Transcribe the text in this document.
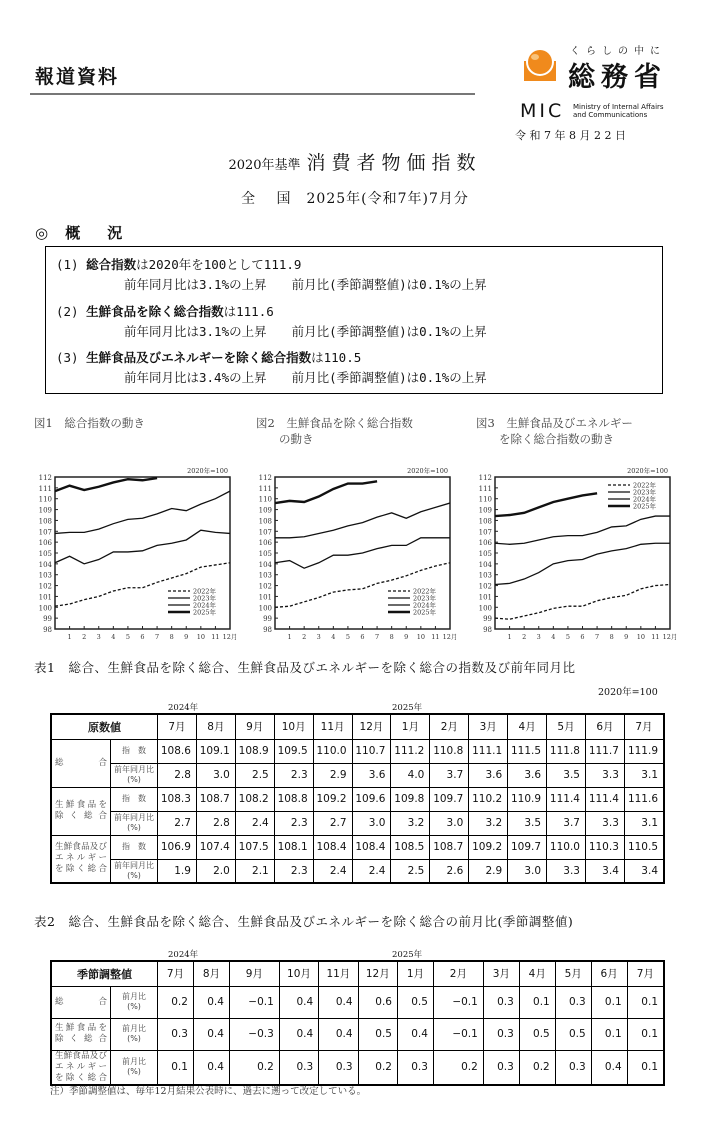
報道資料
くらしの中に
総務省
MIC Ministry of Internal Affairs
and Communications
令和7年8月22日
2020年基準 消費者物価指数
全　 国　2025年(令和7年)7月分
◎ 概　況
(1) 総合指数は2020年を100として111.9
前年同月比は3.1%の上昇　　前月比(季節調整値)は0.1%の上昇
(2) 生鮮食品を除く総合指数は111.6
前年同月比は3.1%の上昇　　前月比(季節調整値)は0.1%の上昇
(3) 生鮮食品及びエネルギーを除く総合指数は110.5
前年同月比は3.4%の上昇　　前月比(季節調整値)は0.1%の上昇
図1　総合指数の動き	図2　生鮮食品を除く総合指数
　　の動き
図3　生鮮食品及びエネルギー
　　を除く総合指数の動き
98
99
100
101
102
103
104
105
106
107
108
109
110
111
112
1 2 3 4 5 6 7 8 9 10 11 12月
2020年=100
2022年
2023年
2024年
2025年
98
99
100
101
102
103
104
105
106
107
108
109
110
111
112
1 2 3 4 5 6 7 8 9 10 11 12月
2020年=100
2022年
2023年
2024年
2025年
98
99
100
101
102
103
104
105
106
107
108
109
110
111
112
1 2 3 4 5 6 7 8 9 10 11 12月
2020年=100
2022年
2023年
2024年
2025年
表1　総合、生鮮食品を除く総合、生鮮食品及びエネルギーを除く総合の指数及び前年同月比
2020年=100
2024年	2025年
原数値		7月	8月	9月	10月	11月	12月	1月	2月	3月	4月	5月	6月	7月
総　　　合	指　数	108.6	109.1	108.9	109.5	110.0	110.7	111.2	110.8	111.1	111.5	111.8	111.7	111.9
	前年同月比
(%)	2.8	3.0	2.5	2.3	2.9	3.6	4.0	3.7	3.6	3.6	3.5	3.3	3.1
生鮮食品を
除く総合	指　数	108.3	108.7	108.2	108.8	109.2	109.6	109.8	109.7	110.2	110.9	111.4	111.4	111.6
	前年同月比
(%)	2.7	2.8	2.4	2.3	2.7	3.0	3.2	3.0	3.2	3.5	3.7	3.3	3.1
生鮮食品及び
エネルギー
を除く総合	指　数	106.9	107.4	107.5	108.1	108.4	108.4	108.5	108.7	109.2	109.7	110.0	110.3	110.5
	前年同月比
(%)	1.9	2.0	2.1	2.3	2.4	2.4	2.5	2.6	2.9	3.0	3.3	3.4	3.4
表2　総合、生鮮食品を除く総合、生鮮食品及びエネルギーを除く総合の前月比(季節調整値)
2024年	2025年
季節調整値		7月	8月	9月	10月	11月	12月	1月	2月	3月	4月	5月	6月	7月
総　　　合	前月比
(%)	0.2	0.4	−0.1	0.4	0.4	0.6	0.5	−0.1	0.3	0.1	0.3	0.1	0.1
生鮮食品を
除く総合	前月比
(%)	0.3	0.4	−0.3	0.4	0.4	0.5	0.4	−0.1	0.3	0.5	0.5	0.1	0.1
生鮮食品及び
エネルギー
を除く総合	前月比
(%)	0.1	0.4	0.2	0.3	0.3	0.2	0.3	0.2	0.3	0.2	0.3	0.4	0.1
注）季節調整値は、毎年12月結果公表時に、過去に遡って改定している。
